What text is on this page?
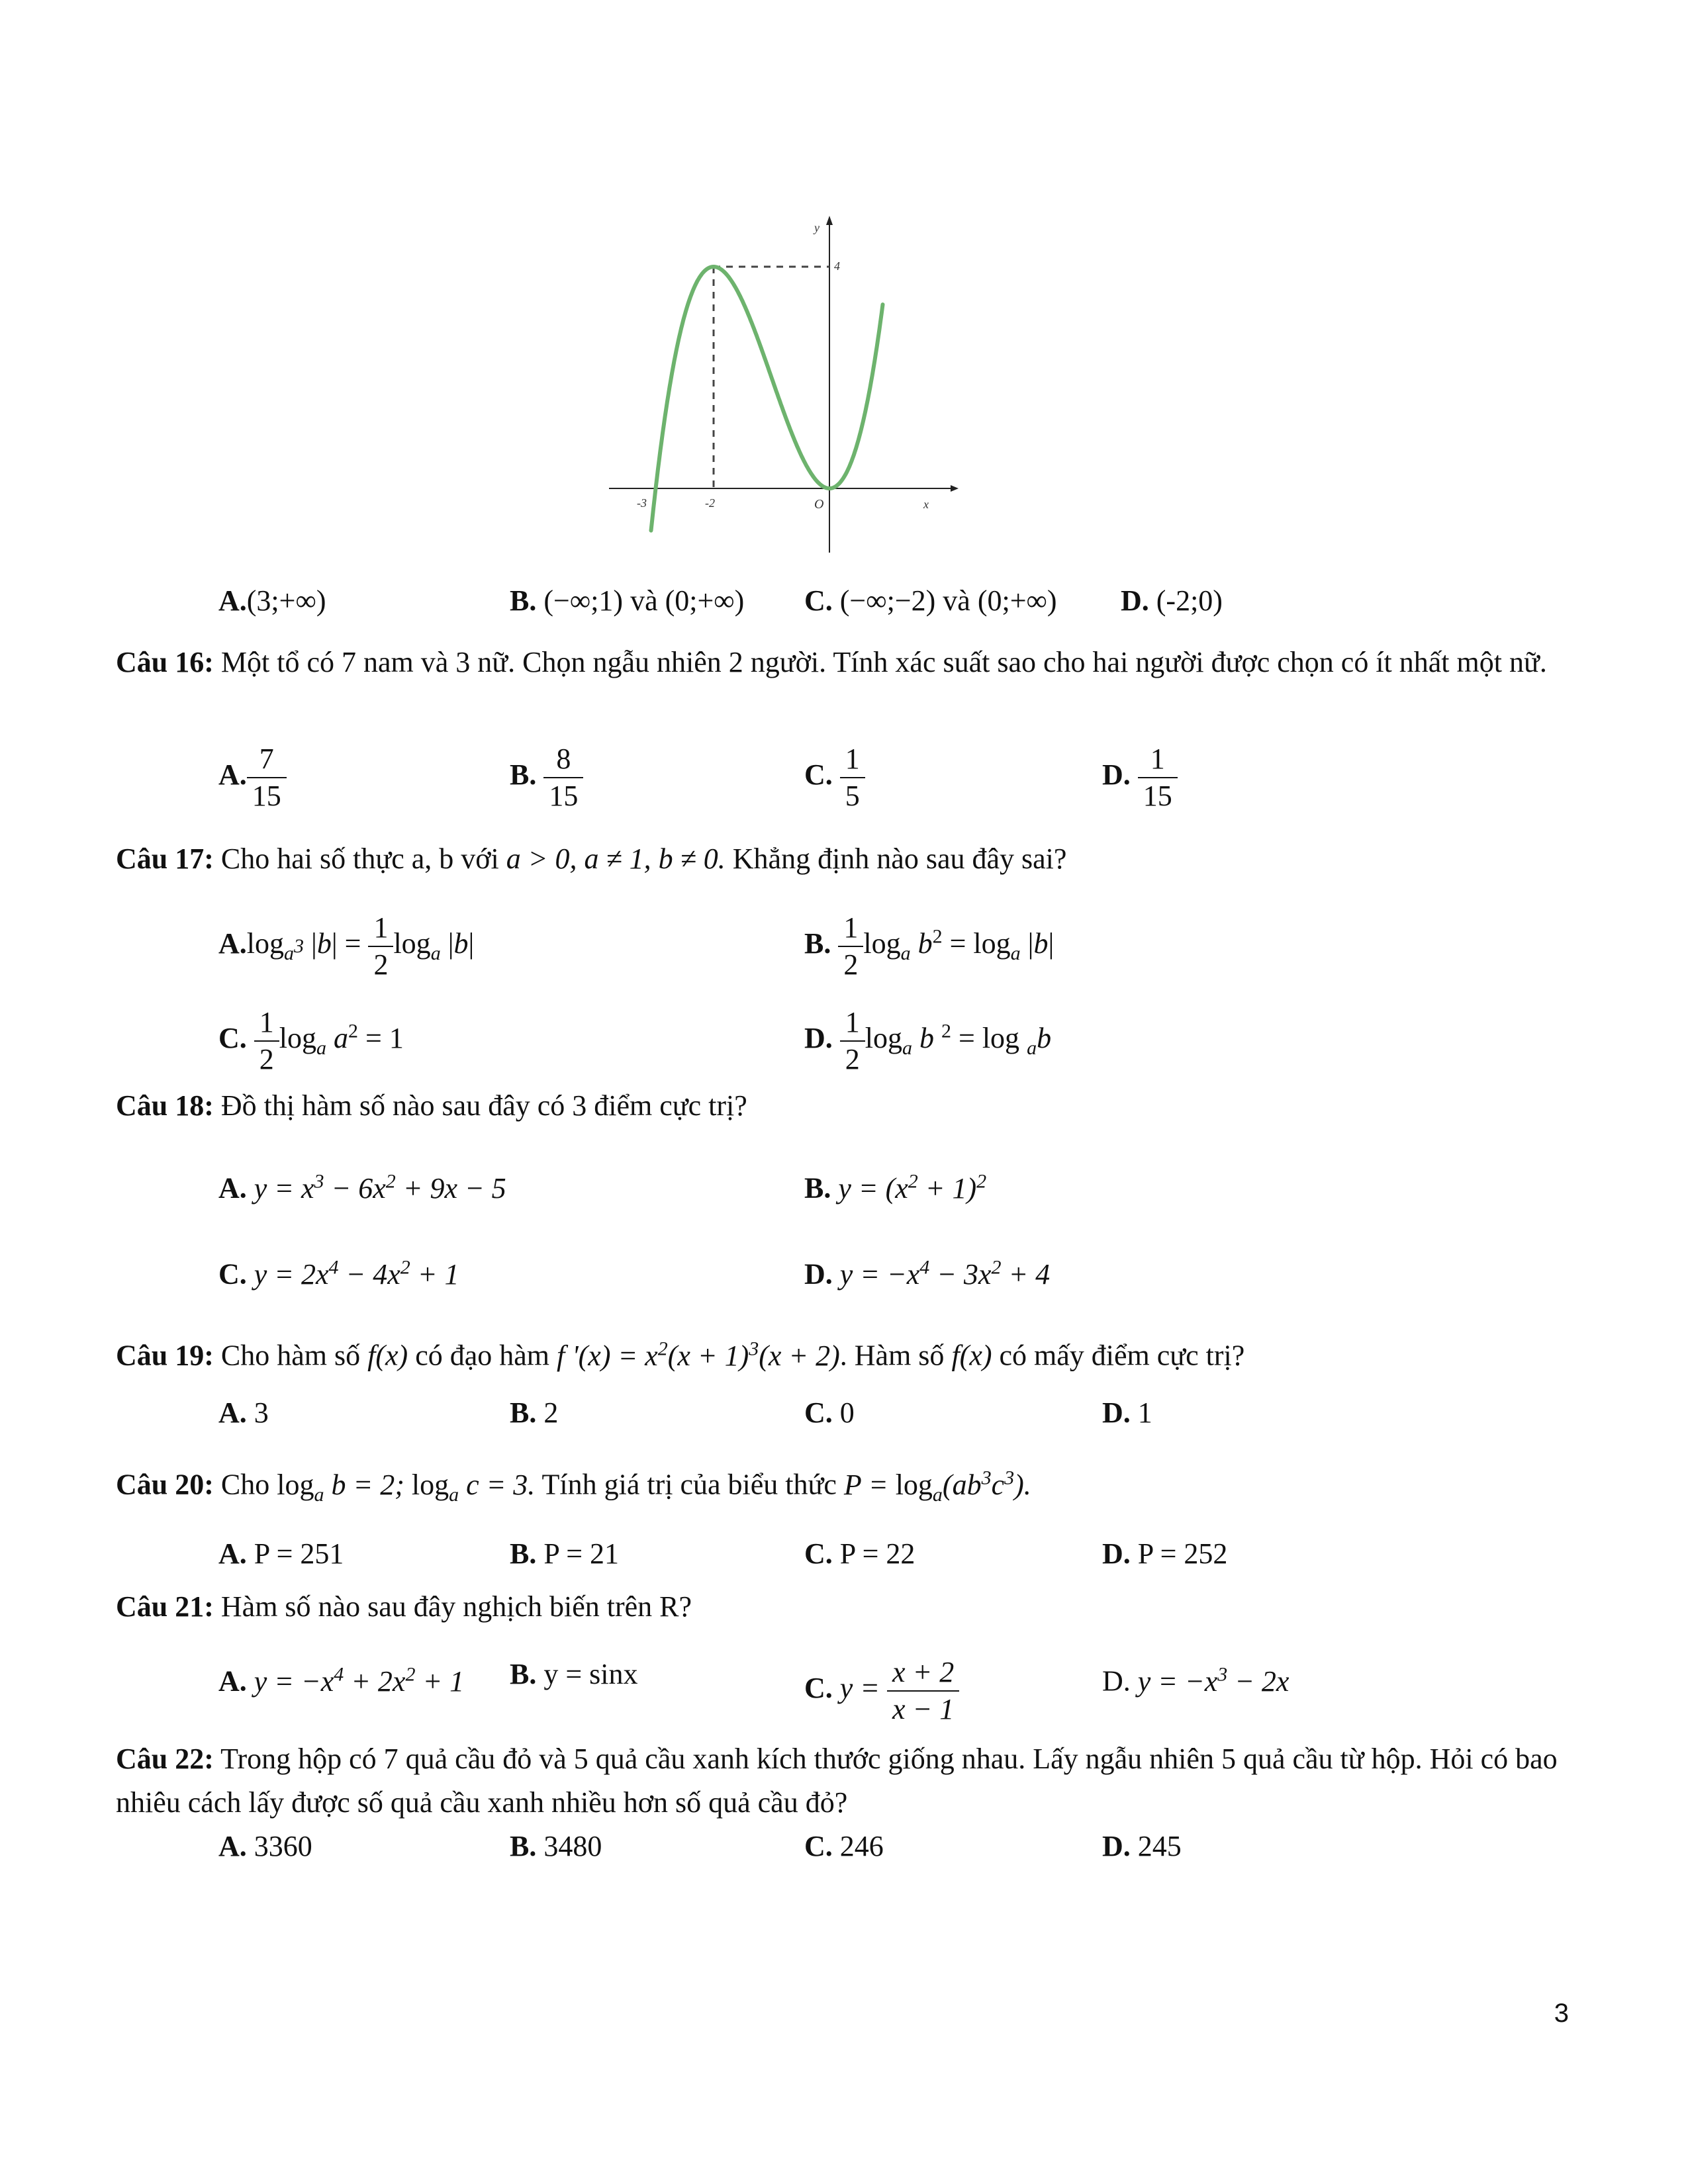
y
4
x
-3	-2	O
A.(3;+∞)	B. (−∞;1) và (0;+∞) C. (−∞;−2) và (0;+∞) D. (-2;0)
Câu 16: Một tổ có 7 nam và 3 nữ. Chọn ngẫu nhiên 2 người. Tính xác suất sao cho hai người được chọn có ít nhất một nữ.
A. $\frac{7}{15}$	B. $\frac{8}{15}$	C. $\frac{1}{5}$	D. $\frac{1}{15}$
Câu 17: Cho hai số thực a, b với a > 0, a ≠ 1, b ≠ 0. Khẳng định nào sau đây sai?
$A.\log_{a^3}$ $|b| = \frac{1}{2} \log_a |b|$	B. $\frac{1}{2} \log_a b^2 = \log_a |b|$
C. $\frac{1}{2} \log_a a^2 = 1$	D. $\frac{1}{2} \log_a b$ $^2$ = log $_a$b
Câu 18: Đồ thị hàm số nào sau đây có 3 điểm cực trị?
A. $y = x^3 - 6x^2 + 9x - 5$	B. $y = (x^2 + 1)^2$
C. $y = 2x^4 - 4x^2 + 1$	D. $y = -x^4 - 3x^2 + 4$
Câu 19: Cho hàm số f(x) có đạo hàm f '$(x) = x^2(x + 1)^3(x + 2)$. Hàm số f(x) có mấy điểm cực trị?
A. 3	B. 2	C. 0	D. 1
Câu 20: Cho $\log_a b = 2$; $\log_a c = 3$. Tính giá trị của biểu thức $P = \log_a(ab^3c^3)$.
A. P = 251	B. P = 21	C. P = 22	D. P = 252
Câu 21: Hàm số nào sau đây nghịch biến trên R?
A. $y = -x^4 + 2x^2 + 1$ B. y = sinx	C. $y = \frac{x + 2}{x - 1}$	D. $y = -x^3 - 2x$
Câu 22: Trong hộp có 7 quả cầu đỏ và 5 quả cầu xanh kích thước giống nhau. Lấy ngẫu nhiên 5 quả cầu từ hộp. Hỏi có bao nhiêu cách lấy được số quả cầu xanh nhiều hơn số quả cầu đỏ?
A. 3360	B. 3480	C. 246	D. 245
3
